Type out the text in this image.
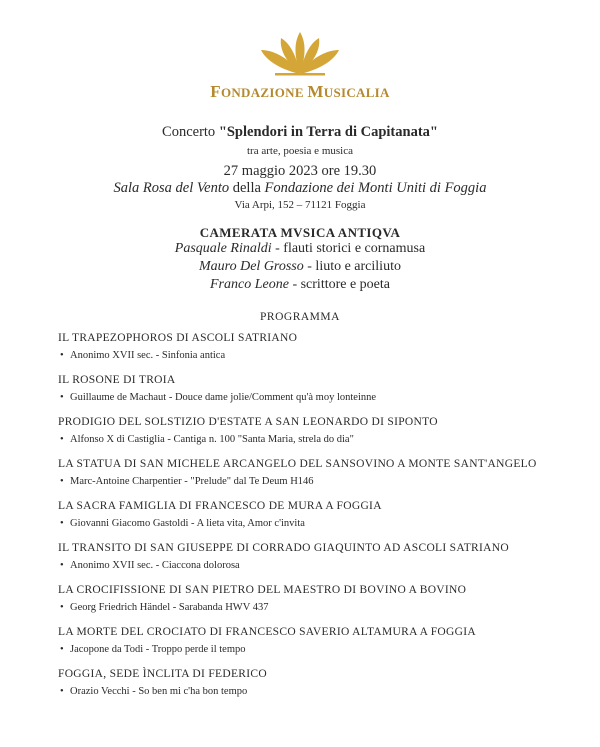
FONDAZIONE MUSICALIA
Concerto "Splendori in Terra di Capitanata"
tra arte, poesia e musica
27 maggio 2023 ore 19.30
Sala Rosa del Vento della Fondazione dei Monti Uniti di Foggia
Via Arpi, 152 – 71121 Foggia
CAMERATA MVSICA ANTIQVA
Pasquale Rinaldi - flauti storici e cornamusa
Mauro Del Grosso - liuto e arciliuto
Franco Leone - scrittore e poeta
PROGRAMMA
IL TRAPEZOPHOROS DI ASCOLI SATRIANO
• Anonimo XVII sec. - Sinfonia antica
IL ROSONE DI TROIA
• Guillaume de Machaut - Douce dame jolie/Comment qu'à moy lonteinne
PRODIGIO DEL SOLSTIZIO D'ESTATE A SAN LEONARDO DI SIPONTO
• Alfonso X di Castiglia - Cantiga n. 100 "Santa Maria, strela do dia"
LA STATUA DI SAN MICHELE ARCANGELO DEL SANSOVINO A MONTE SANT'ANGELO
• Marc-Antoine Charpentier - "Prelude" dal Te Deum H146
LA SACRA FAMIGLIA DI FRANCESCO DE MURA A FOGGIA
• Giovanni Giacomo Gastoldi - A lieta vita, Amor c'invita
IL TRANSITO DI SAN GIUSEPPE DI CORRADO GIAQUINTO AD ASCOLI SATRIANO
• Anonimo XVII sec. - Ciaccona dolorosa
LA CROCIFISSIONE DI SAN PIETRO DEL MAESTRO DI BOVINO A BOVINO
• Georg Friedrich Händel - Sarabanda HWV 437
LA MORTE DEL CROCIATO DI FRANCESCO SAVERIO ALTAMURA A FOGGIA
• Jacopone da Todi - Troppo perde il tempo
FOGGIA, SEDE ÌNCLITA DI FEDERICO
• Orazio Vecchi - So ben mi c'ha bon tempo
